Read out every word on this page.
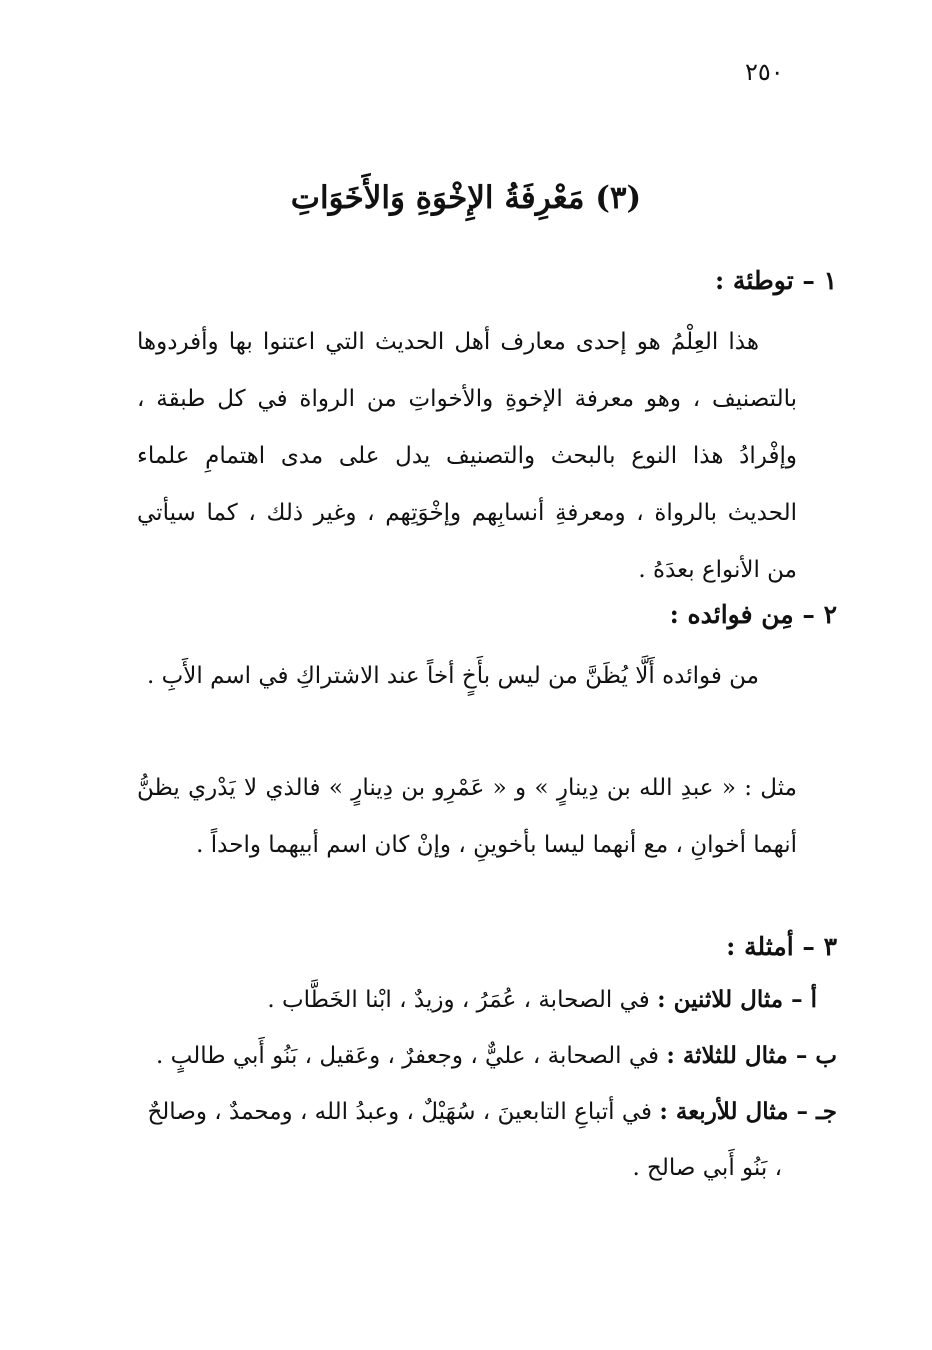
٢٥٠
(٣) مَعْرِفَةُ الإِخْوَةِ وَالأَخَوَاتِ
١ – توطئة :
هذا العِلْمُ هو إحدى معارف أهل الحديث التي اعتنوا بها وأفردوها بالتصنيف ، وهو معرفة الإخوةِ والأخواتِ من الرواة في كل طبقة ، وإفْرادُ هذا النوع بالبحث والتصنيف يدل على مدى اهتمامِ علماء الحديث بالرواة ، ومعرفةِ أنسابِهم وإخْوَتِهم ، وغير ذلك ، كما سيأتي من الأنواع بعدَهُ .
٢ – مِن فوائده :
من فوائده أَلَّا يُظَنَّ من ليس بأَخٍ أخاً عند الاشتراكِ في اسم الأَبِ .
مثل : « عبدِ الله بن دِينارٍ » و « عَمْرِو بن دِينارٍ » فالذي لا يَدْري يظنُّ أنهما أخوانِ ، مع أنهما ليسا بأخوينِ ، وإنْ كان اسم أبيهما واحداً .
٣ – أمثلة :
أ – مثال للاثنين : في الصحابة ، عُمَرُ ، وزيدٌ ، ابْنا الخَطَّاب .
ب – مثال للثلاثة : في الصحابة ، عليٌّ ، وجعفرٌ ، وعَقيل ، بَنُو أَبي طالبٍ .
جـ – مثال للأربعة : في أتباعِ التابعينَ ، سُهَيْلٌ ، وعبدُ الله ، ومحمدٌ ، وصالحٌ ، بَنُو أَبي صالح .
